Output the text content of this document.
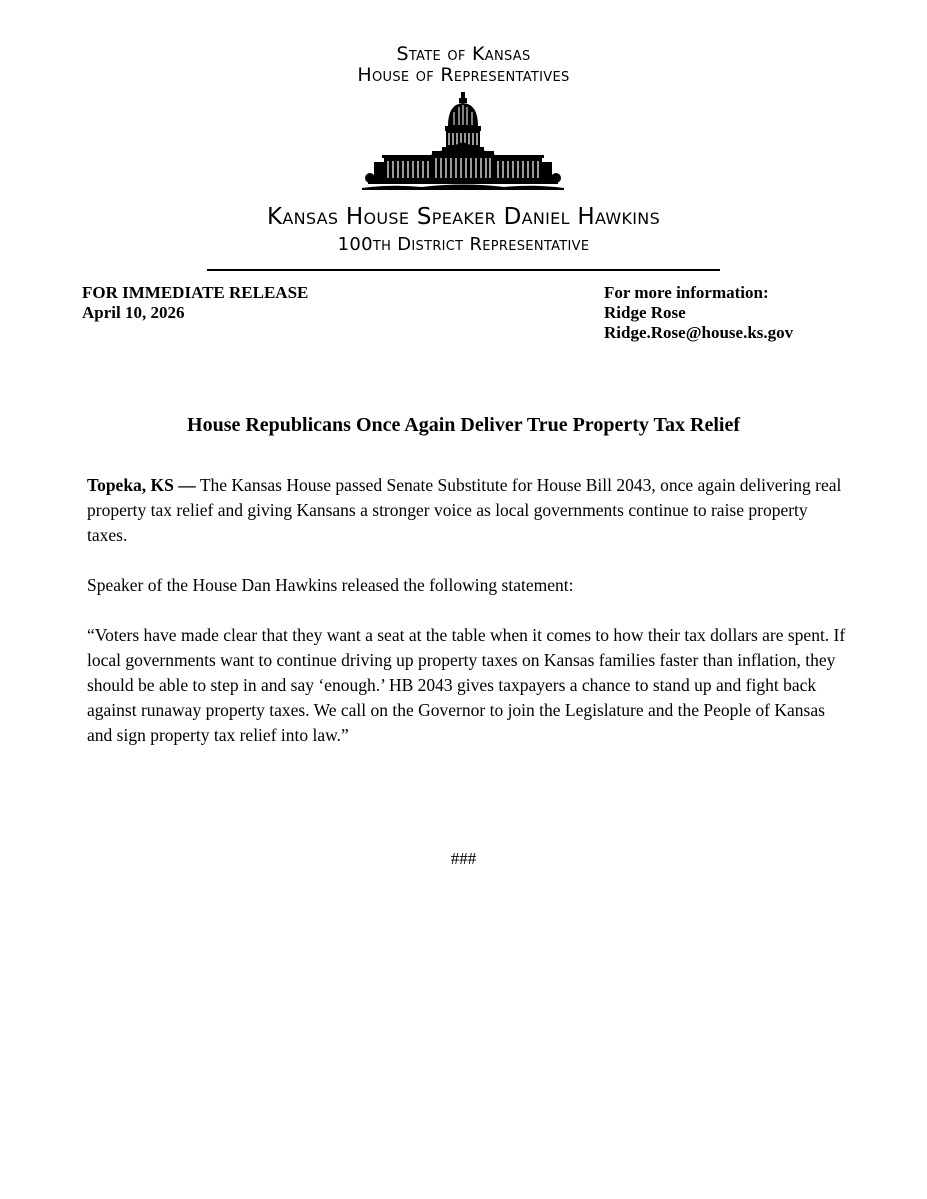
State of Kansas
House of Representatives
Kansas House Speaker Daniel Hawkins
100th District Representative
FOR IMMEDIATE RELEASE
April 10, 2026
For more information:
Ridge Rose
Ridge.Rose@house.ks.gov
House Republicans Once Again Deliver True Property Tax Relief
Topeka, KS — The Kansas House passed Senate Substitute for House Bill 2043, once again delivering real property tax relief and giving Kansans a stronger voice as local governments continue to raise property taxes.
Speaker of the House Dan Hawkins released the following statement:
“Voters have made clear that they want a seat at the table when it comes to how their tax dollars are spent. If local governments want to continue driving up property taxes on Kansas families faster than inflation, they should be able to step in and say ‘enough.’ HB 2043 gives taxpayers a chance to stand up and fight back against runaway property taxes. We call on the Governor to join the Legislature and the People of Kansas and sign property tax relief into law.”
###
